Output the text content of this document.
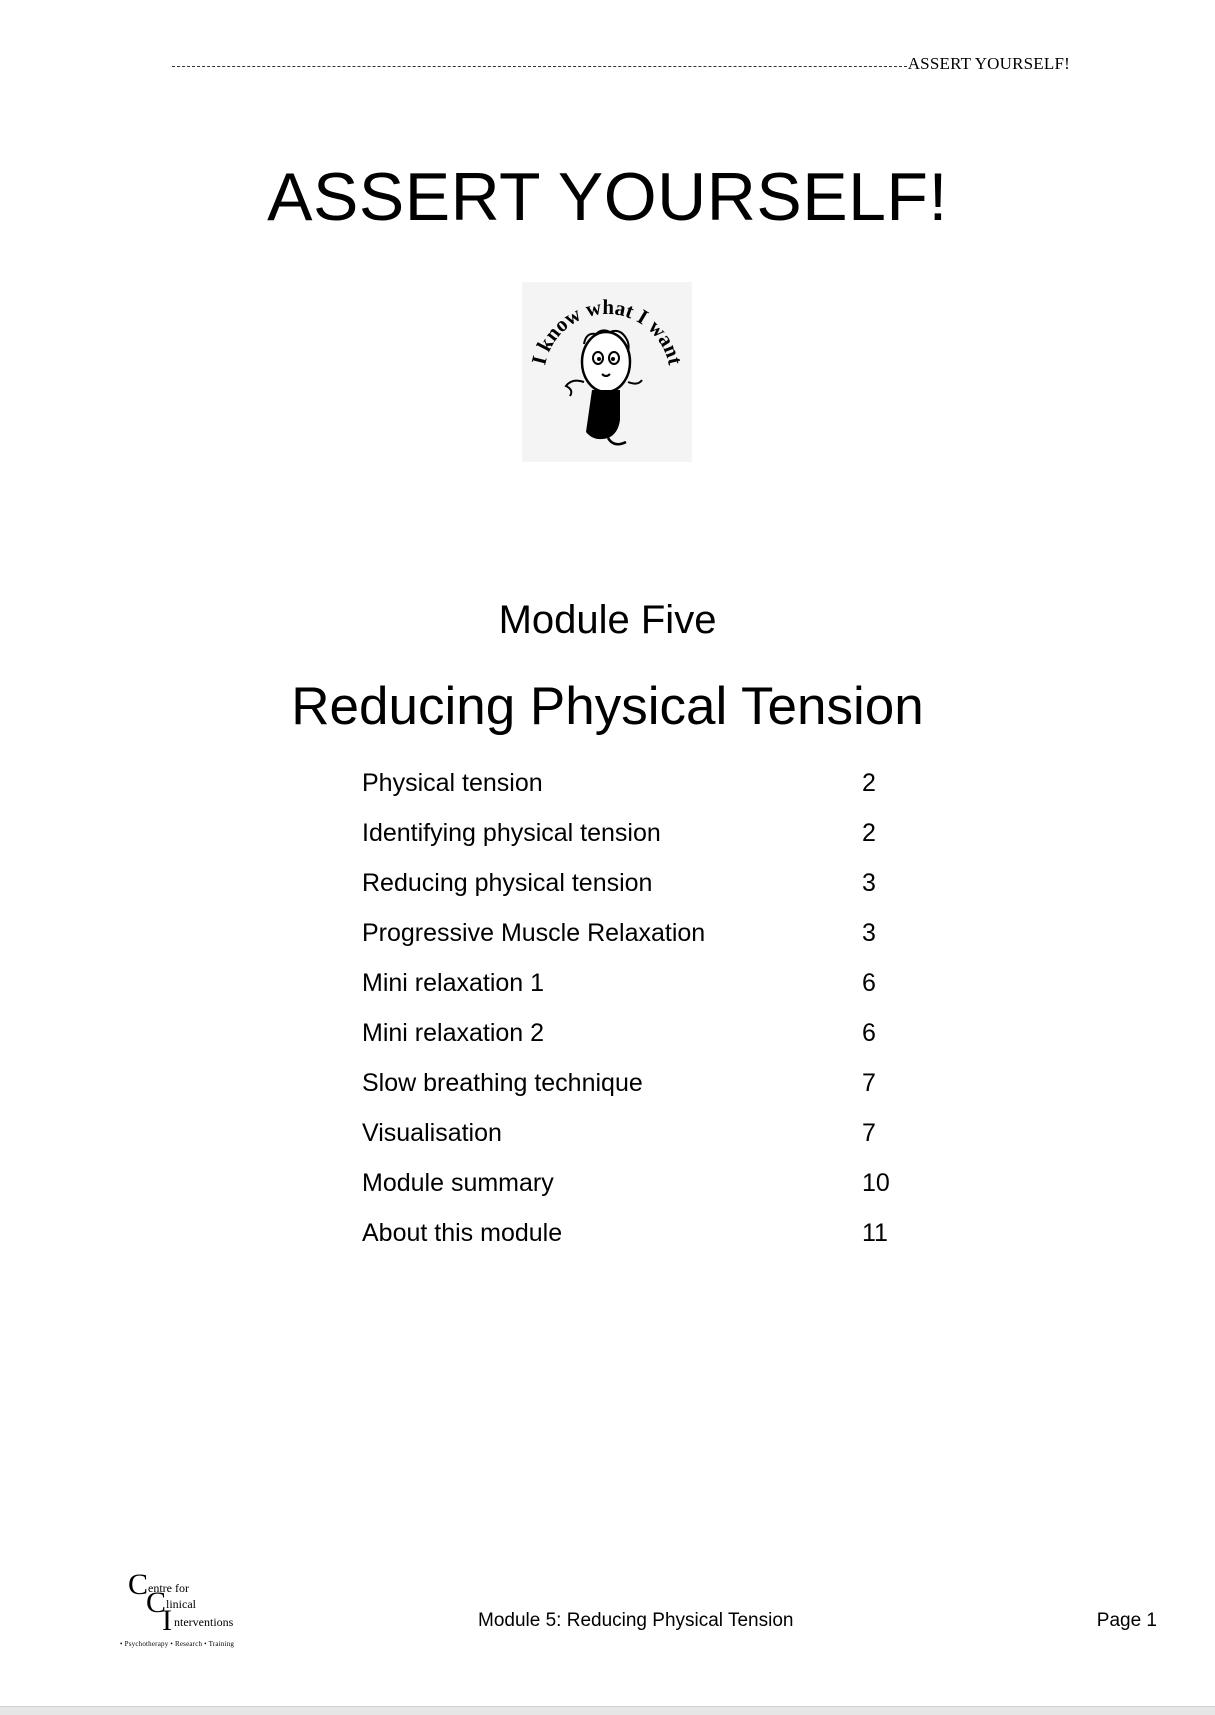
ASSERT YOURSELF!
ASSERT YOURSELF!
I know what I want
Module Five
Reducing Physical Tension
Physical tension	2
Identifying physical tension	2
Reducing physical tension	3
Progressive Muscle Relaxation	3
Mini relaxation 1	6
Mini relaxation 2	6
Slow breathing technique	7
Visualisation	7
Module summary	10
About this module	11
C entre for
C linical
I nterventions
• Psychotherapy • Research • Training
Module 5: Reducing Physical Tension	Page 1
